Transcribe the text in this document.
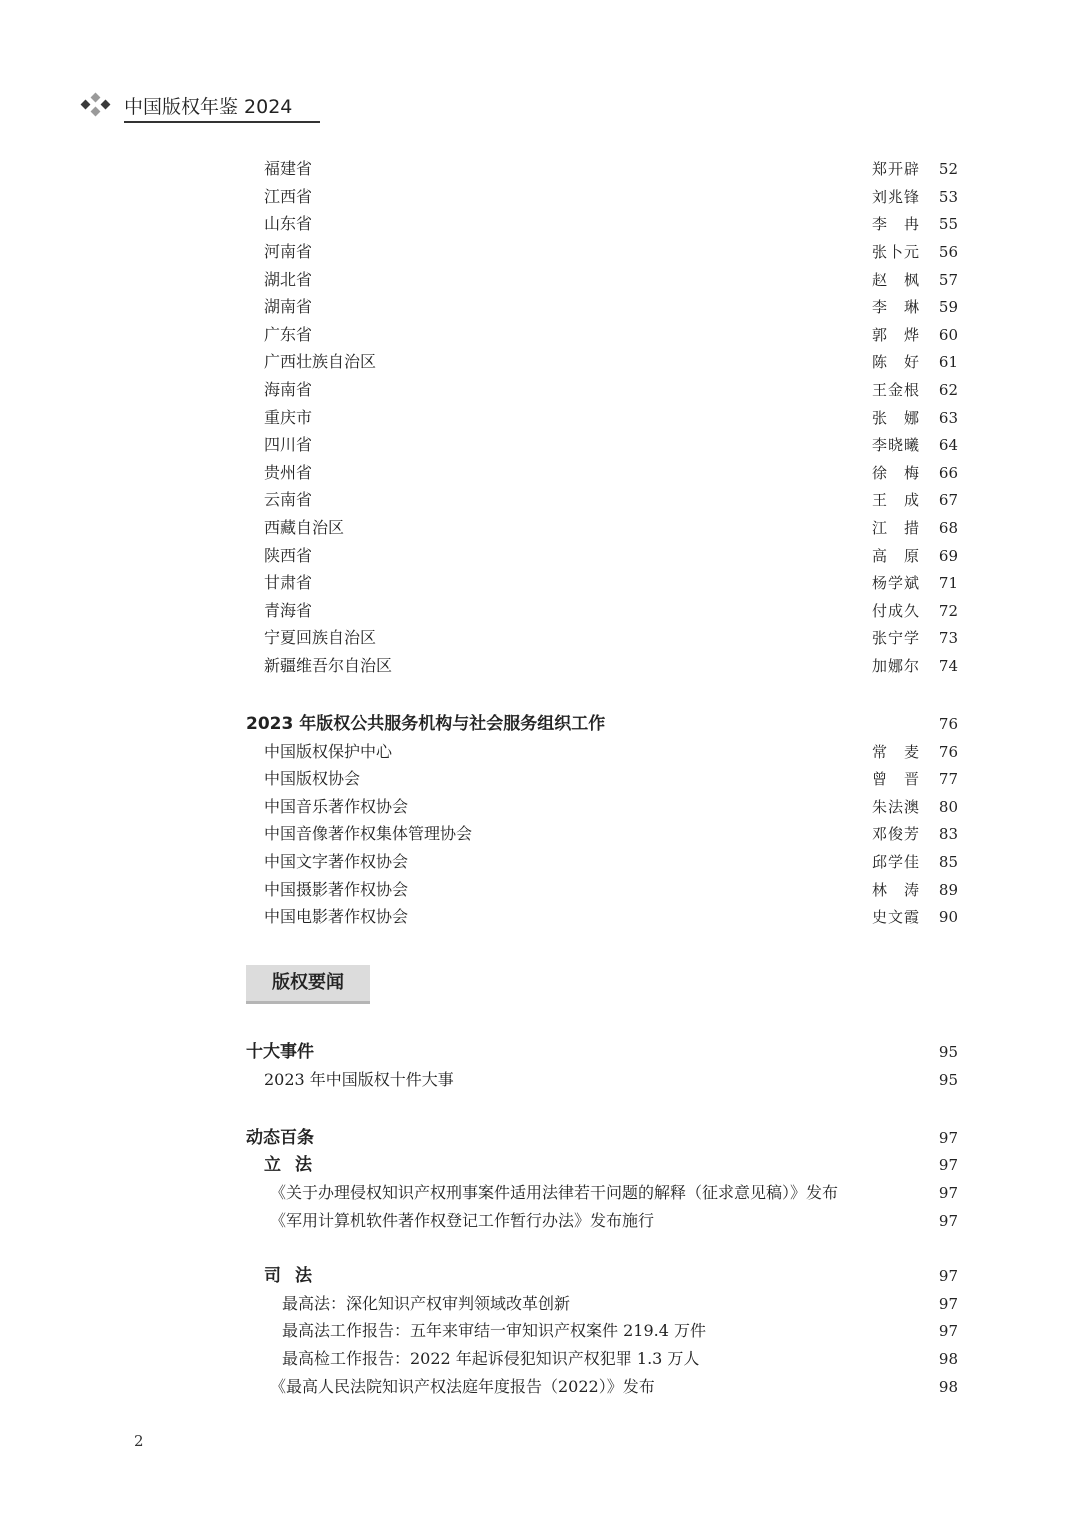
中国版权年鉴 2024
福建省	郑开辟	52
江西省	刘兆锋	53
山东省	李　冉	55
河南省	张卜元	56
湖北省	赵　枫	57
湖南省	李　琳	59
广东省	郭　烨	60
广西壮族自治区	陈　好	61
海南省	王金根	62
重庆市	张　娜	63
四川省	李晓曦	64
贵州省	徐　梅	66
云南省	王　成	67
西藏自治区	江　措	68
陕西省	高　原	69
甘肃省	杨学斌	71
青海省	付成久	72
宁夏回族自治区	张宁学	73
新疆维吾尔自治区	加娜尔	74
2023 年版权公共服务机构与社会服务组织工作	76
中国版权保护中心	常　麦	76
中国版权协会	曾　晋	77
中国音乐著作权协会	朱法澳	80
中国音像著作权集体管理协会	邓俊芳	83
中国文字著作权协会	邱学佳	85
中国摄影著作权协会	林　涛	89
中国电影著作权协会	史文霞	90
版权要闻
十大事件	95
2023 年中国版权十件大事	95
动态百条	97
立法	97
《关于办理侵权知识产权刑事案件适用法律若干问题的解释（征求意见稿）》发布	97
《军用计算机软件著作权登记工作暂行办法》发布施行	97
司法	97
最高法：深化知识产权审判领域改革创新	97
最高法工作报告：五年来审结一审知识产权案件 219.4 万件	97
最高检工作报告：2022 年起诉侵犯知识产权犯罪 1.3 万人	98
《最高人民法院知识产权法庭年度报告（2022）》发布	98
2
